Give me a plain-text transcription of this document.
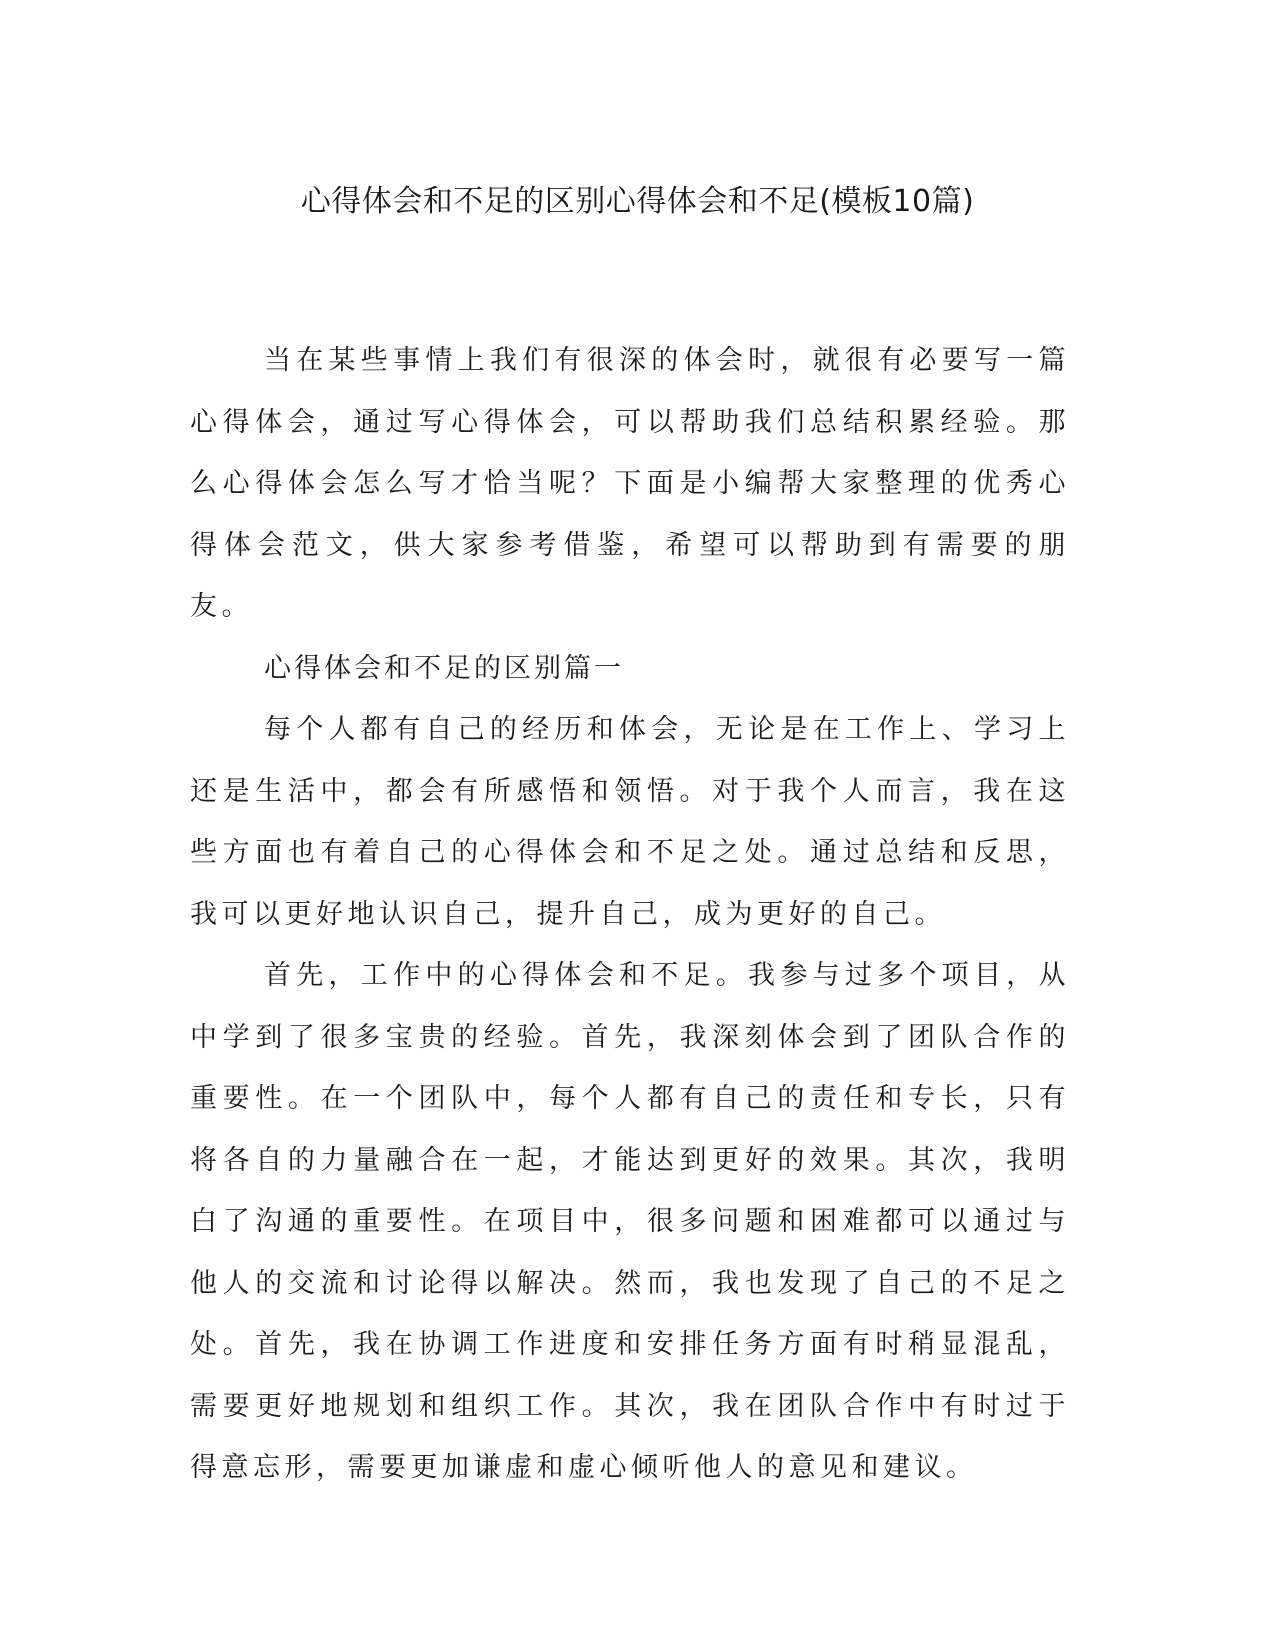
心得体会和不足的区别心得体会和不足(模板10篇)

当在某些事情上我们有很深的体会时，就很有必要写一篇心得体会，通过写心得体会，可以帮助我们总结积累经验。那么心得体会怎么写才恰当呢？下面是小编帮大家整理的优秀心得体会范文，供大家参考借鉴，希望可以帮助到有需要的朋友。

心得体会和不足的区别篇一

每个人都有自己的经历和体会，无论是在工作上、学习上还是生活中，都会有所感悟和领悟。对于我个人而言，我在这些方面也有着自己的心得体会和不足之处。通过总结和反思，我可以更好地认识自己，提升自己，成为更好的自己。

首先，工作中的心得体会和不足。我参与过多个项目，从中学到了很多宝贵的经验。首先，我深刻体会到了团队合作的重要性。在一个团队中，每个人都有自己的责任和专长，只有将各自的力量融合在一起，才能达到更好的效果。其次，我明白了沟通的重要性。在项目中，很多问题和困难都可以通过与他人的交流和讨论得以解决。然而，我也发现了自己的不足之处。首先，我在协调工作进度和安排任务方面有时稍显混乱，需要更好地规划和组织工作。其次，我在团队合作中有时过于得意忘形，需要更加谦虚和虚心倾听他人的意见和建议。
